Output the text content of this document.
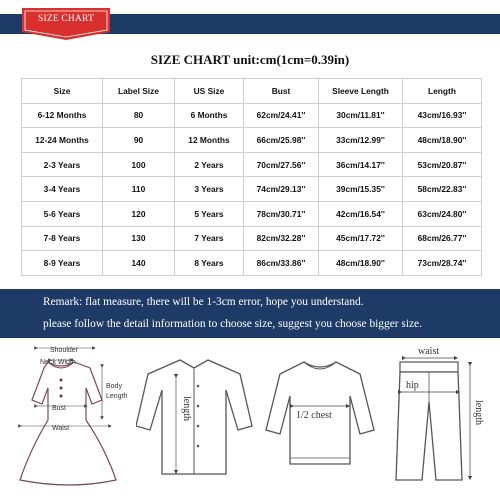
SIZE CHART
SIZE CHART unit:cm(1cm=0.39in)
Size	Label Size	US Size	Bust	Sleeve Length	Length
6-12 Months	80	6 Months	62cm/24.41''	30cm/11.81''	43cm/16.93''
12-24 Months	90	12 Months	66cm/25.98''	33cm/12.99''	48cm/18.90''
2-3 Years	100	2 Years	70cm/27.56''	36cm/14.17''	53cm/20.87''
3-4 Years	110	3 Years	74cm/29.13''	39cm/15.35''	58cm/22.83''
5-6 Years	120	5 Years	78cm/30.71''	42cm/16.54''	63cm/24.80''
7-8 Years	130	7 Years	82cm/32.28''	45cm/17.72''	68cm/26.77''
8-9 Years	140	8 Years	86cm/33.86''	48cm/18.90''	73cm/28.74''
Remark: flat measure, there will be 1-3cm error, hope you understand.
please follow the detail information to choose size, suggest you choose bigger size.
Shoulder
Neck Width
Bust
Waist
Body
Length	length	1/2 chest
waist
hip
length
